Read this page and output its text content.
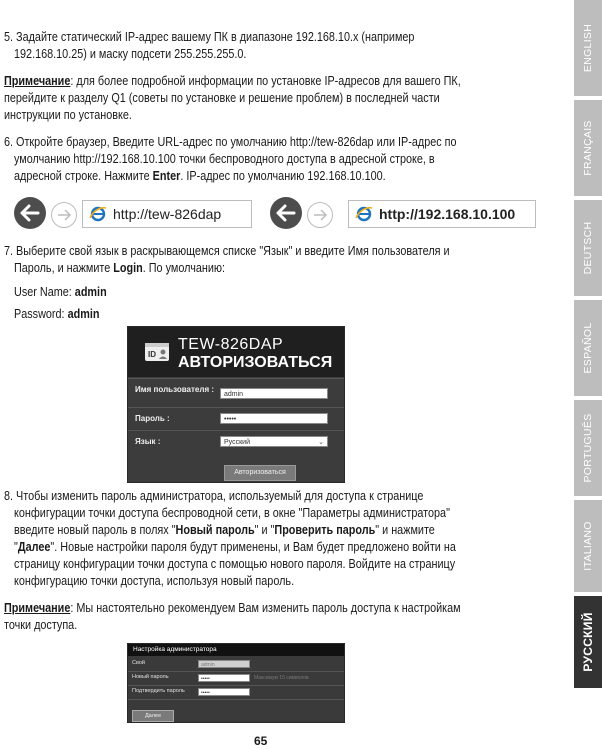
5. Задайте статический IP-адрес вашему ПК в диапазоне 192.168.10.x (например
192.168.10.25) и маску подсети 255.255.255.0.
Примечание: для более подробной информации по установке IP-адресов для вашего ПК,
перейдите к разделу Q1 (советы по установке и решение проблем) в последней части
инструкции по установке.
6. Откройте браузер, Введите URL-адрес по умолчанию http://tew-826dap или IP-адрес по
умолчанию http://192.168.10.100 точки беспроводного доступа в адресной строке, в
адресной строке. Нажмите Enter. IP-адрес по умолчанию 192.168.10.100.
http://tew-826dap	http://192.168.10.100
7. Выберите свой язык в раскрывающемся списке "Язык" и введите Имя пользователя и
Пароль, и нажмите Login. По умолчанию:
User Name: admin
Password: admin
ID
TEW-826DAP
АВТОРИЗОВАТЬСЯ
Имя пользователя :
admin
Пароль :	•••••
Язык :	Русский	⌄
Авторизоваться
8. Чтобы изменить пароль администратора, используемый для доступа к странице
конфигурации точки доступа беспроводной сети, в окне "Параметры администратора"
введите новый пароль в полях "Новый пароль" и "Проверить пароль" и нажмите
"Далее". Новые настройки пароля будут применены, и Вам будет предложено войти на
страницу конфигурации точки доступа с помощью нового пароля. Войдите на страницу
конфигурацию точки доступа, используя новый пароль.
Примечание: Мы настоятельно рекомендуем Вам изменить пароль доступа к настройкам
точки доступа.
Настройка администратора
Свой	admin
Новый пароль	•••••	Максимум 15 символов
Подтвердить пароль	•••••
Далее
65
ENGLISH
FRANÇAIS
DEUTSCH
ESPAÑOL
PORTUGUÊS
ITALIANO
РУССКИЙ
